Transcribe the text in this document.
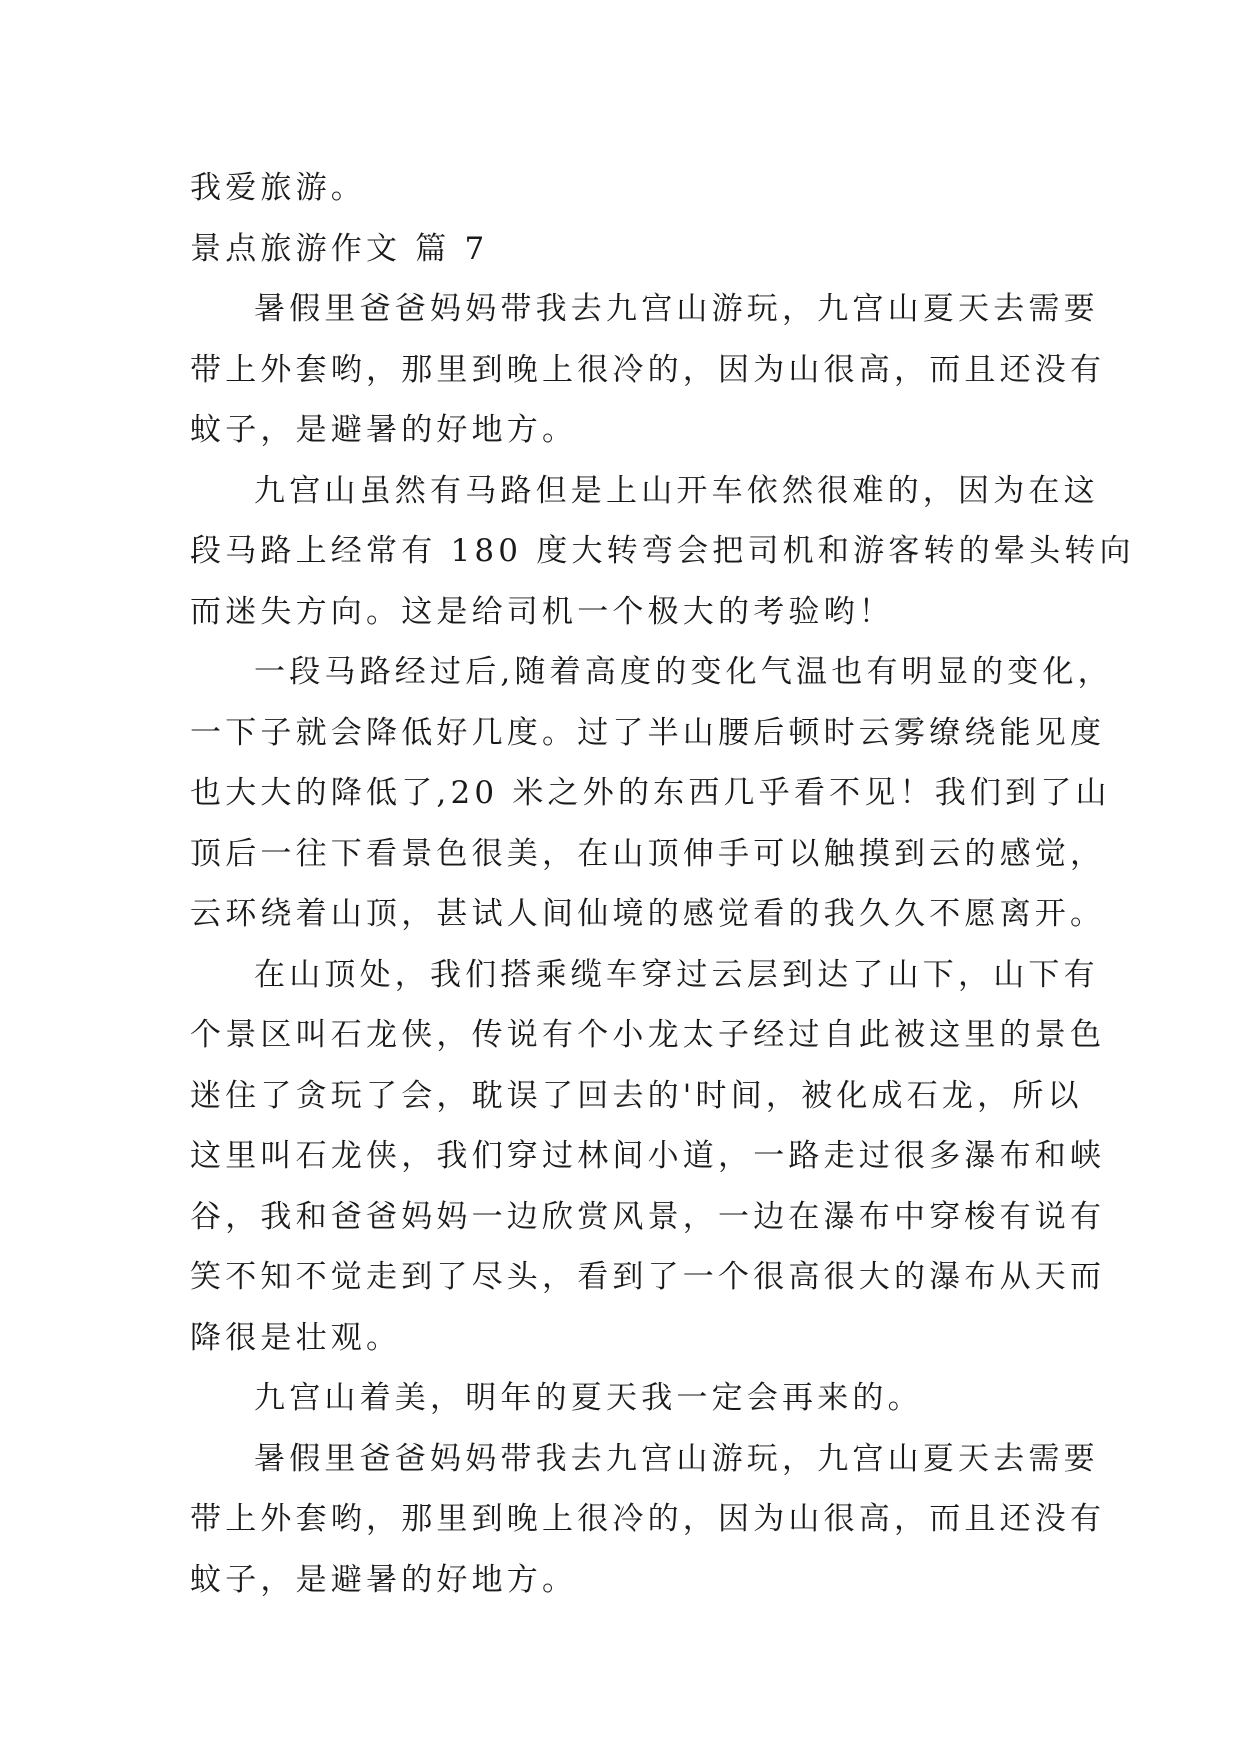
我爱旅游。
景点旅游作文 篇 7
暑假里爸爸妈妈带我去九宫山游玩，九宫山夏天去需要
带上外套哟，那里到晚上很冷的，因为山很高，而且还没有
蚊子，是避暑的好地方。
九宫山虽然有马路但是上山开车依然很难的，因为在这
段马路上经常有 180 度大转弯会把司机和游客转的晕头转向
而迷失方向。这是给司机一个极大的考验哟！
一段马路经过后,随着高度的变化气温也有明显的变化，
一下子就会降低好几度。过了半山腰后顿时云雾缭绕能见度
也大大的降低了,20 米之外的东西几乎看不见！我们到了山
顶后一往下看景色很美，在山顶伸手可以触摸到云的感觉，
云环绕着山顶，甚试人间仙境的感觉看的我久久不愿离开。
在山顶处，我们搭乘缆车穿过云层到达了山下，山下有
个景区叫石龙侠，传说有个小龙太子经过自此被这里的景色
迷住了贪玩了会，耽误了回去的'时间，被化成石龙，所以
这里叫石龙侠，我们穿过林间小道，一路走过很多瀑布和峡
谷，我和爸爸妈妈一边欣赏风景，一边在瀑布中穿梭有说有
笑不知不觉走到了尽头，看到了一个很高很大的瀑布从天而
降很是壮观。
九宫山着美，明年的夏天我一定会再来的。
暑假里爸爸妈妈带我去九宫山游玩，九宫山夏天去需要
带上外套哟，那里到晚上很冷的，因为山很高，而且还没有
蚊子，是避暑的好地方。
